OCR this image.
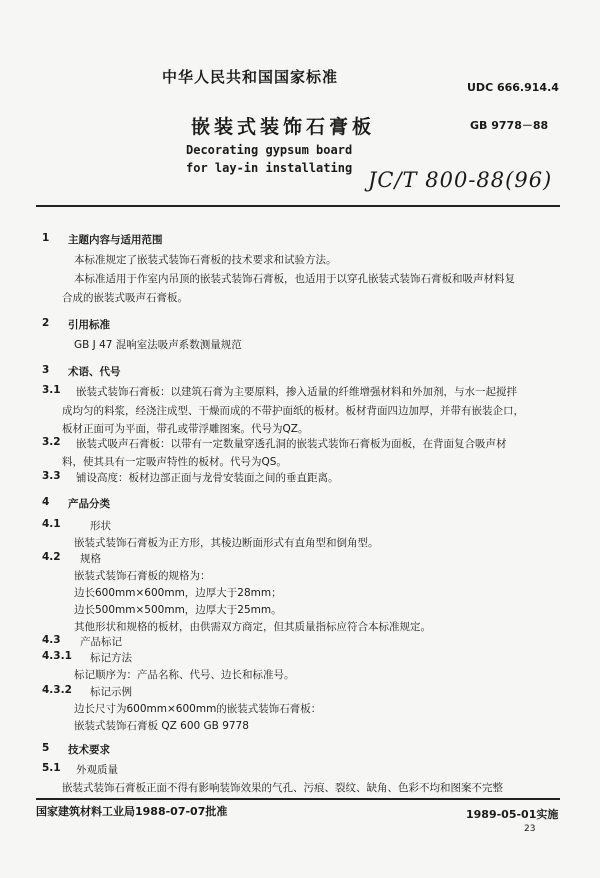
中华人民共和国国家标准
UDC 666.914.4
嵌装式装饰石膏板	GB 9778－88
Decorating gypsum board
for lay-in installating JC/T 800-88(96)
1 主题内容与适用范围
本标准规定了嵌装式装饰石膏板的技术要求和试验方法。
本标准适用于作室内吊顶的嵌装式装饰石膏板，也适用于以穿孔嵌装式装饰石膏板和吸声材料复
合成的嵌装式吸声石膏板。
2 引用标准
GB J 47 混响室法吸声系数测量规范
3 术语、代号
3.1 嵌装式装饰石膏板：以建筑石膏为主要原料，掺入适量的纤维增强材料和外加剂，与水一起搅拌
成均匀的料浆，经浇注成型、干燥而成的不带护面纸的板材。板材背面四边加厚，并带有嵌装企口，
板材正面可为平面，带孔或带浮雕图案。代号为QZ。
3.2 嵌装式吸声石膏板：以带有一定数量穿透孔洞的嵌装式装饰石膏板为面板，在背面复合吸声材
料，使其具有一定吸声特性的板材。代号为QS。
3.3 铺设高度：板材边部正面与龙骨安装面之间的垂直距离。
4 产品分类
4.1	形状
嵌装式装饰石膏板为正方形，其棱边断面形式有直角型和倒角型。
4.2 规格
嵌装式装饰石膏板的规格为：
边长600mm×600mm，边厚大于28mm；
边长500mm×500mm，边厚大于25mm。
其他形状和规格的板材，由供需双方商定，但其质量指标应符合本标准规定。
4.3 产品标记
4.3.1 标记方法
标记顺序为：产品名称、代号、边长和标准号。
4.3.2 标记示例
边长尺寸为600mm×600mm的嵌装式装饰石膏板：
嵌装式装饰石膏板 QZ 600 GB 9778
5 技术要求
5.1 外观质量
嵌装式装饰石膏板正面不得有影响装饰效果的气孔、污痕、裂纹、缺角、色彩不均和图案不完整
国家建筑材料工业局1988-07-07批准	1989-05-01实施
23
